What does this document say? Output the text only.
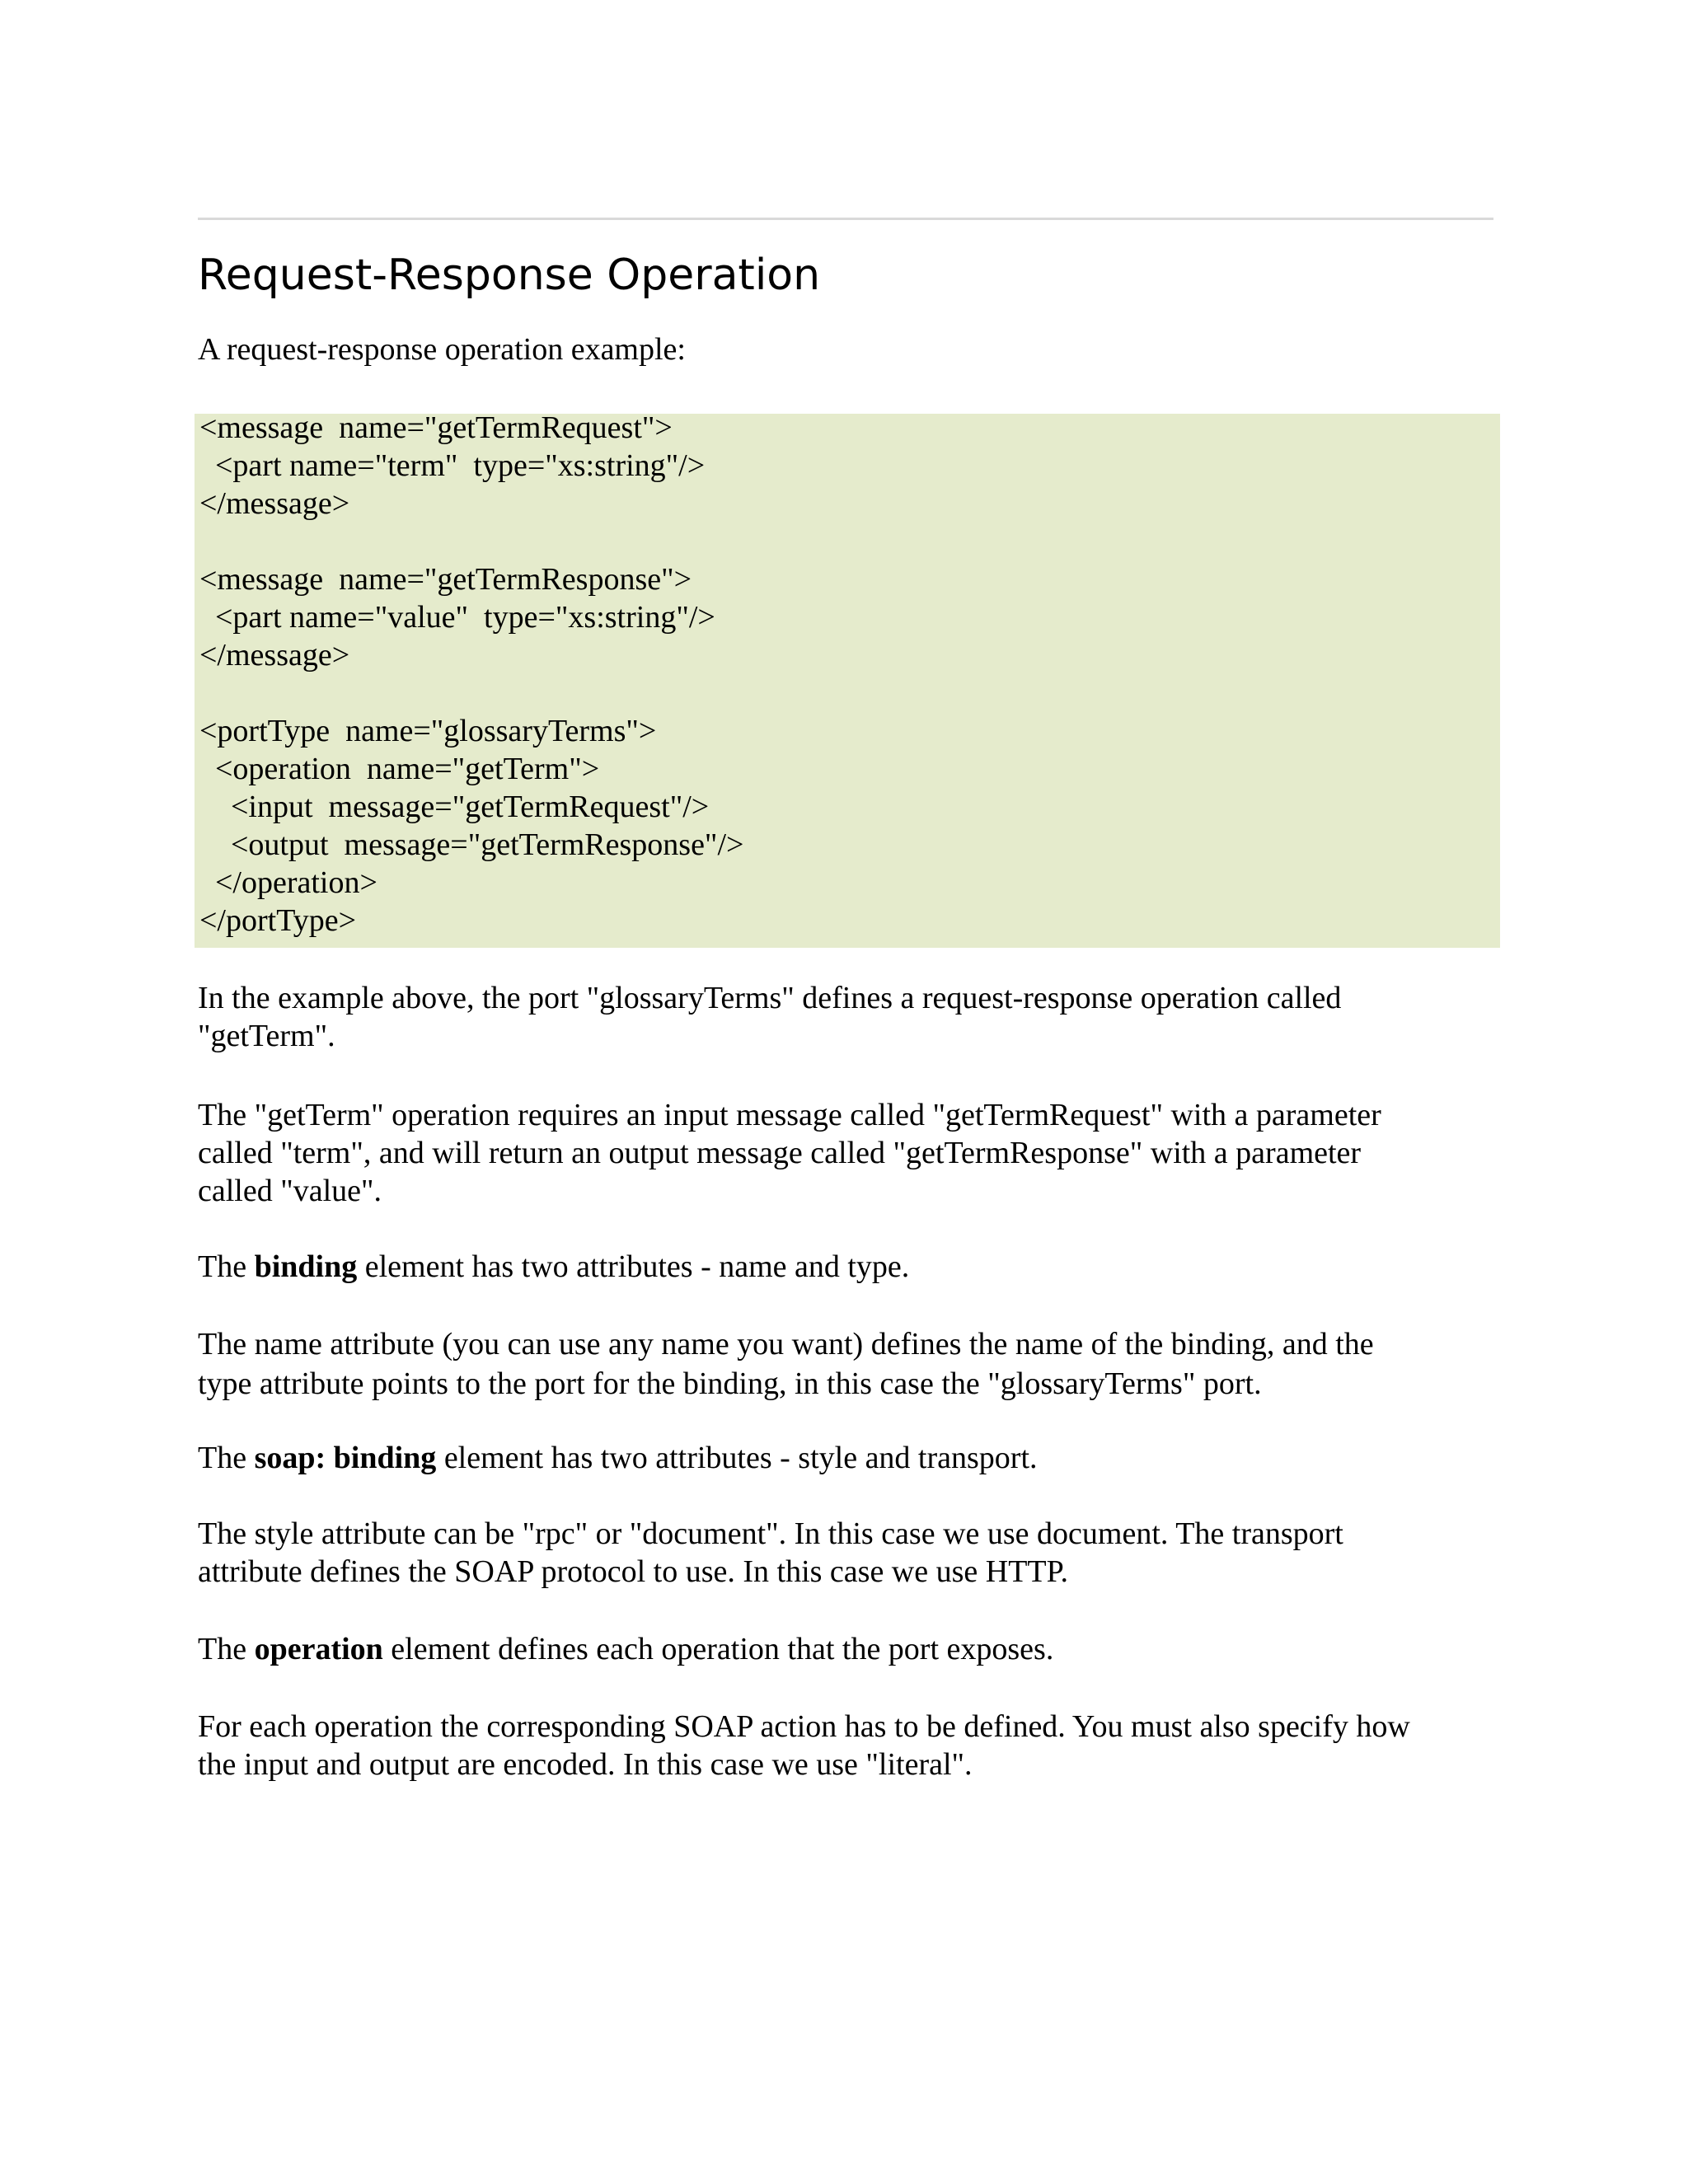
Request-Response Operation

A request-response operation example:

<message  name="getTermRequest">

<part name="term"  type="xs:string"/>

</message>

<message  name="getTermResponse">

<part name="value"  type="xs:string"/>

</message>

<portType  name="glossaryTerms">

<operation  name="getTerm">

<input  message="getTermRequest"/>

<output  message="getTermResponse"/>

</operation>

</portType>

In the example above, the port "glossaryTerms" defines a request-response operation called

"getTerm".

The "getTerm" operation requires an input message called "getTermRequest" with a parameter

called "term", and will return an output message called "getTermResponse" with a parameter

called "value".

The binding element has two attributes - name and type.

The name attribute (you can use any name you want) defines the name of the binding, and the

type attribute points to the port for the binding, in this case the "glossaryTerms" port.

The soap: binding element has two attributes - style and transport.

The style attribute can be "rpc" or "document". In this case we use document. The transport

attribute defines the SOAP protocol to use. In this case we use HTTP.

The operation element defines each operation that the port exposes.

For each operation the corresponding SOAP action has to be defined. You must also specify how

the input and output are encoded. In this case we use "literal".
